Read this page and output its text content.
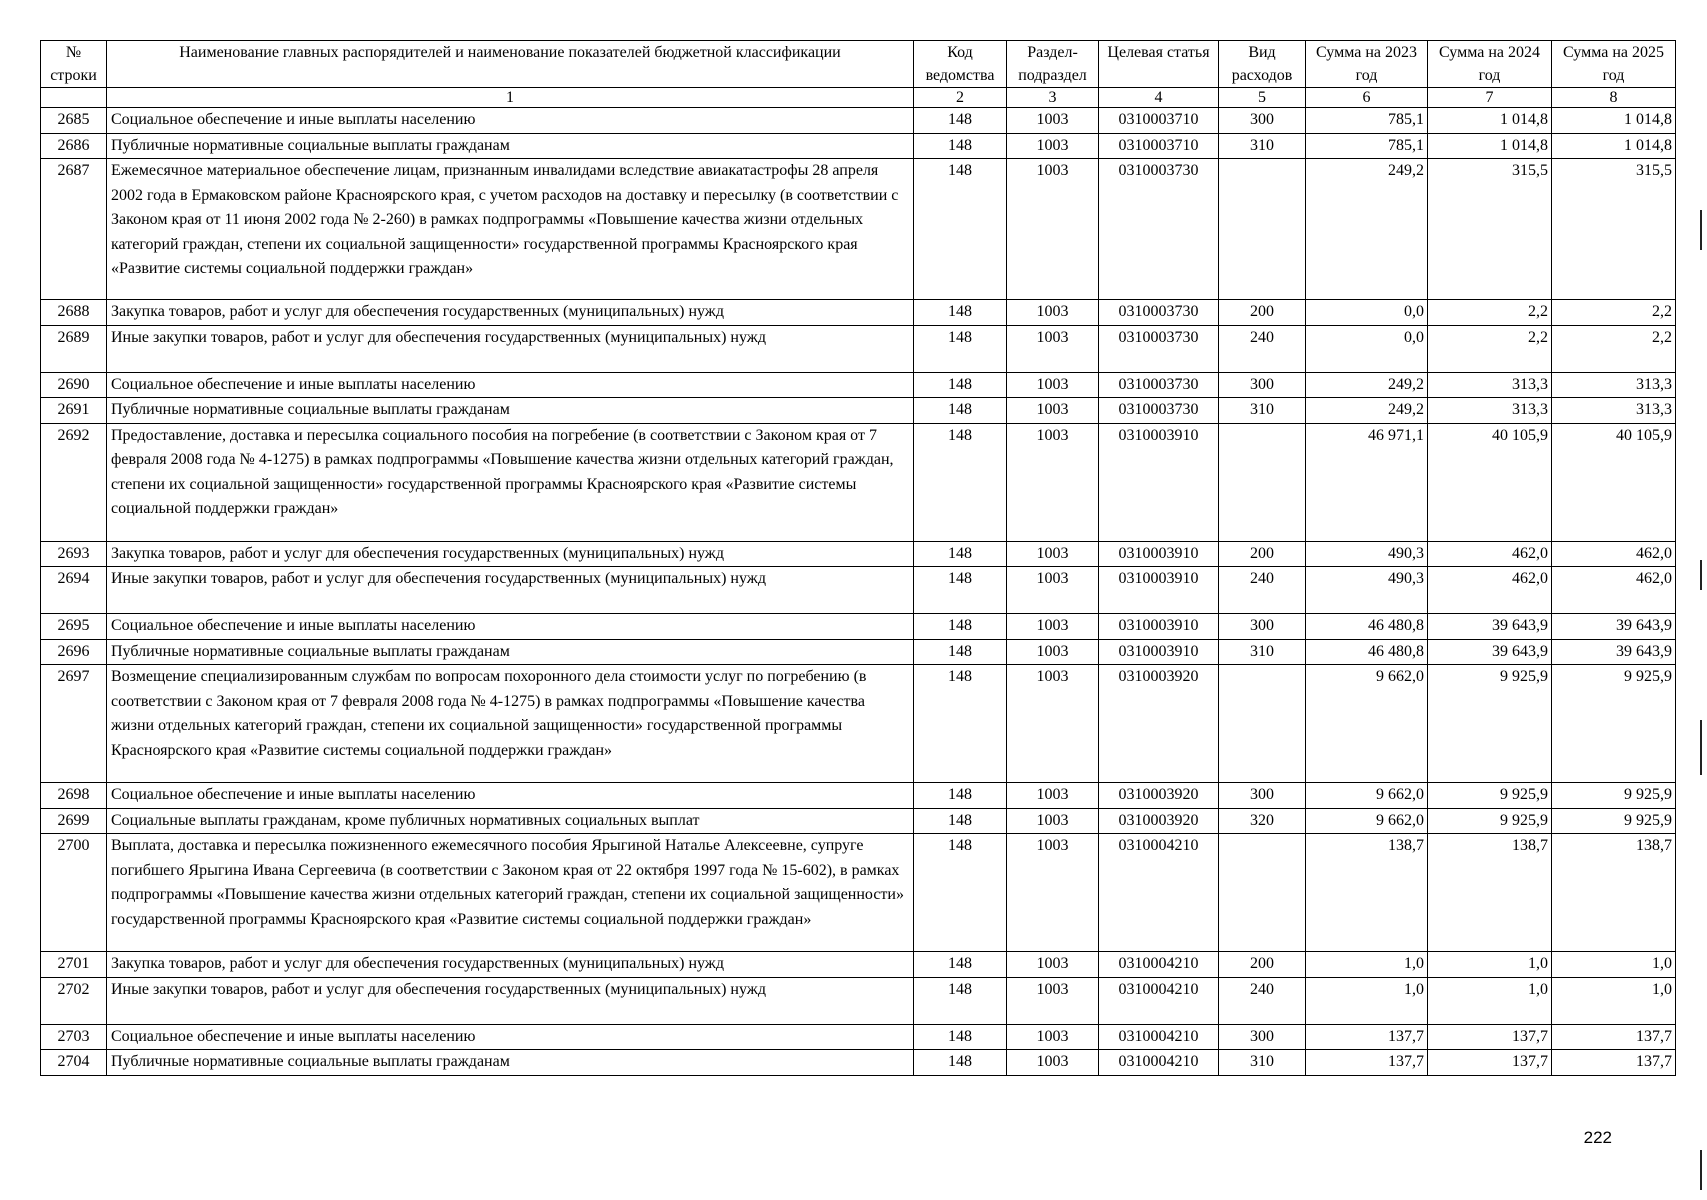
№ строки	Наименование главных распорядителей и наименование показателей бюджетной классификации	Код ведомства	Раздел-подраздел	Целевая статья	Вид расходов	Сумма на 2023 год	Сумма на 2024 год	Сумма на 2025 год
	1	2	3	4	5	6	7	8
2685	Социальное обеспечение и иные выплаты населению	148	1003	0310003710	300	785,1	1 014,8	1 014,8
2686	Публичные нормативные социальные выплаты гражданам	148	1003	0310003710	310	785,1	1 014,8	1 014,8
2687	Ежемесячное материальное обеспечение лицам, признанным инвалидами вследствие авиакатастрофы 28 апреля 2002 года в Ермаковском районе Красноярского края, с учетом расходов на доставку и пересылку (в соответствии с Законом края от 11 июня 2002 года № 2-260) в рамках подпрограммы «Повышение качества жизни отдельных категорий граждан, степени их социальной защищенности» государственной программы Красноярского края «Развитие системы социальной поддержки граждан»	148	1003	0310003730		249,2	315,5	315,5
2688	Закупка товаров, работ и услуг для обеспечения государственных (муниципальных) нужд	148	1003	0310003730	200	0,0	2,2	2,2
2689	Иные закупки товаров, работ и услуг для обеспечения государственных (муниципальных) нужд	148	1003	0310003730	240	0,0	2,2	2,2
2690	Социальное обеспечение и иные выплаты населению	148	1003	0310003730	300	249,2	313,3	313,3
2691	Публичные нормативные социальные выплаты гражданам	148	1003	0310003730	310	249,2	313,3	313,3
2692	Предоставление, доставка и пересылка социального пособия на погребение (в соответствии с Законом края от 7 февраля 2008 года № 4-1275) в рамках подпрограммы «Повышение качества жизни отдельных категорий граждан, степени их социальной защищенности» государственной программы Красноярского края «Развитие системы социальной поддержки граждан»	148	1003	0310003910		46 971,1	40 105,9	40 105,9
2693	Закупка товаров, работ и услуг для обеспечения государственных (муниципальных) нужд	148	1003	0310003910	200	490,3	462,0	462,0
2694	Иные закупки товаров, работ и услуг для обеспечения государственных (муниципальных) нужд	148	1003	0310003910	240	490,3	462,0	462,0
2695	Социальное обеспечение и иные выплаты населению	148	1003	0310003910	300	46 480,8	39 643,9	39 643,9
2696	Публичные нормативные социальные выплаты гражданам	148	1003	0310003910	310	46 480,8	39 643,9	39 643,9
2697	Возмещение специализированным службам по вопросам похоронного дела стоимости услуг по погребению (в соответствии с Законом края от 7 февраля 2008 года № 4-1275) в рамках подпрограммы «Повышение качества жизни отдельных категорий граждан, степени их социальной защищенности» государственной программы Красноярского края «Развитие системы социальной поддержки граждан»	148	1003	0310003920		9 662,0	9 925,9	9 925,9
2698	Социальное обеспечение и иные выплаты населению	148	1003	0310003920	300	9 662,0	9 925,9	9 925,9
2699	Социальные выплаты гражданам, кроме публичных нормативных социальных выплат	148	1003	0310003920	320	9 662,0	9 925,9	9 925,9
2700	Выплата, доставка и пересылка пожизненного ежемесячного пособия Ярыгиной Наталье Алексеевне, супруге погибшего Ярыгина Ивана Сергеевича (в соответствии с Законом края от 22 октября 1997 года № 15-602), в рамках подпрограммы «Повышение качества жизни отдельных категорий граждан, степени их социальной защищенности» государственной программы Красноярского края «Развитие системы социальной поддержки граждан»	148	1003	0310004210		138,7	138,7	138,7
2701	Закупка товаров, работ и услуг для обеспечения государственных (муниципальных) нужд	148	1003	0310004210	200	1,0	1,0	1,0
2702	Иные закупки товаров, работ и услуг для обеспечения государственных (муниципальных) нужд	148	1003	0310004210	240	1,0	1,0	1,0
2703	Социальное обеспечение и иные выплаты населению	148	1003	0310004210	300	137,7	137,7	137,7
2704	Публичные нормативные социальные выплаты гражданам	148	1003	0310004210	310	137,7	137,7	137,7
222
